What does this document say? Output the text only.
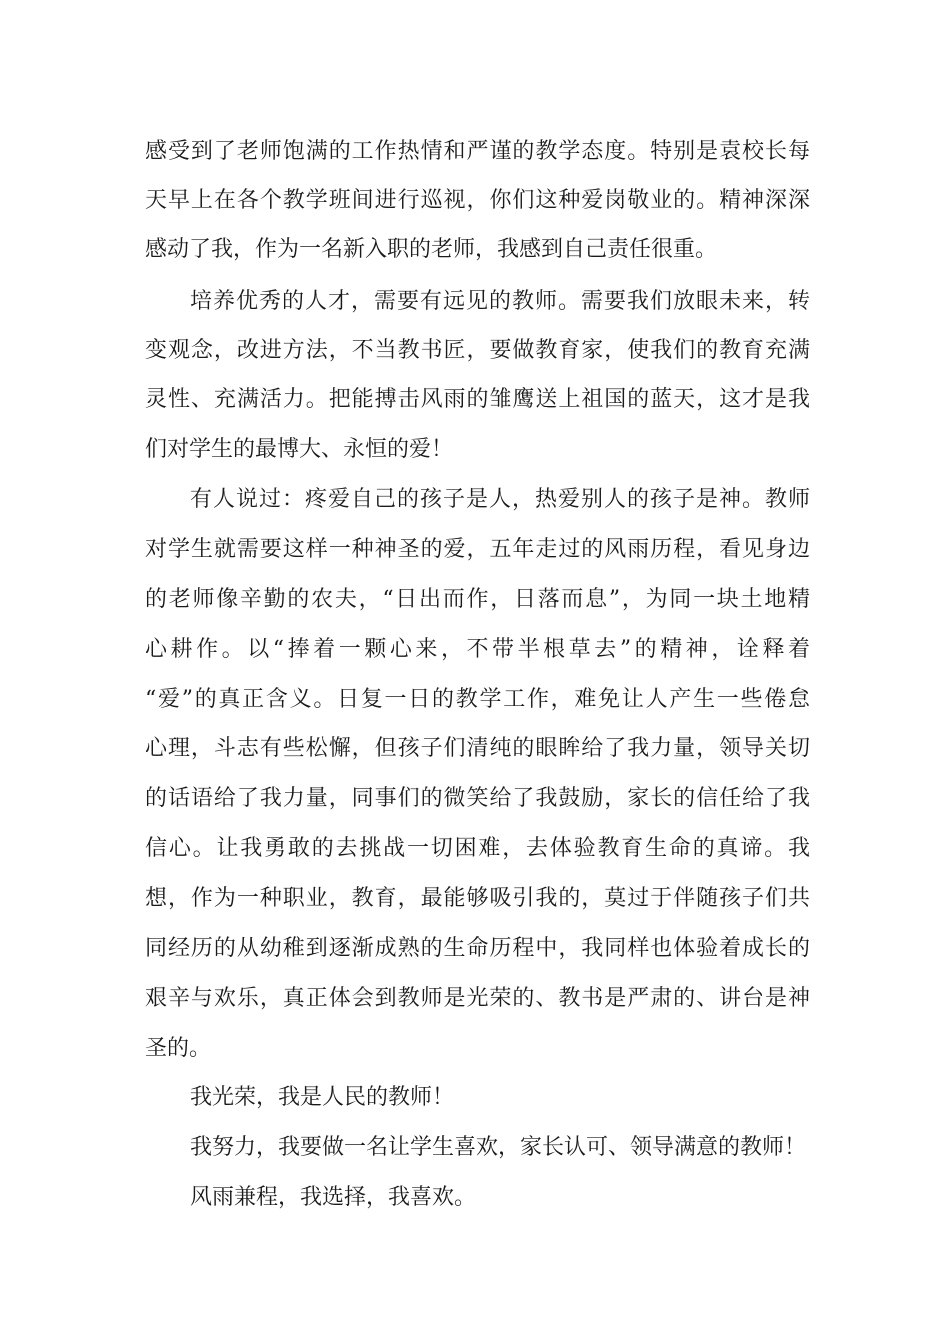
感受到了老师饱满的工作热情和严谨的教学态度。特别是袁校长每
天早上在各个教学班间进行巡视，你们这种爱岗敬业的。精神深深
感动了我，作为一名新入职的老师，我感到自己责任很重。
培养优秀的人才，需要有远见的教师。需要我们放眼未来，转
变观念，改进方法，不当教书匠，要做教育家，使我们的教育充满
灵性、充满活力。把能搏击风雨的雏鹰送上祖国的蓝天，这才是我
们对学生的最博大、永恒的爱！
有人说过：疼爱自己的孩子是人，热爱别人的孩子是神。教师
对学生就需要这样一种神圣的爱，五年走过的风雨历程，看见身边
的老师像辛勤的农夫，“日出而作，日落而息”，为同一块土地精
心耕作。以“捧着一颗心来，不带半根草去”的精神，诠释着
“爱”的真正含义。日复一日的教学工作，难免让人产生一些倦怠
心理，斗志有些松懈，但孩子们清纯的眼眸给了我力量，领导关切
的话语给了我力量，同事们的微笑给了我鼓励，家长的信任给了我
信心。让我勇敢的去挑战一切困难，去体验教育生命的真谛。我
想，作为一种职业，教育，最能够吸引我的，莫过于伴随孩子们共
同经历的从幼稚到逐渐成熟的生命历程中，我同样也体验着成长的
艰辛与欢乐，真正体会到教师是光荣的、教书是严肃的、讲台是神
圣的。
我光荣，我是人民的教师！
我努力，我要做一名让学生喜欢，家长认可、领导满意的教师！
风雨兼程，我选择，我喜欢。
